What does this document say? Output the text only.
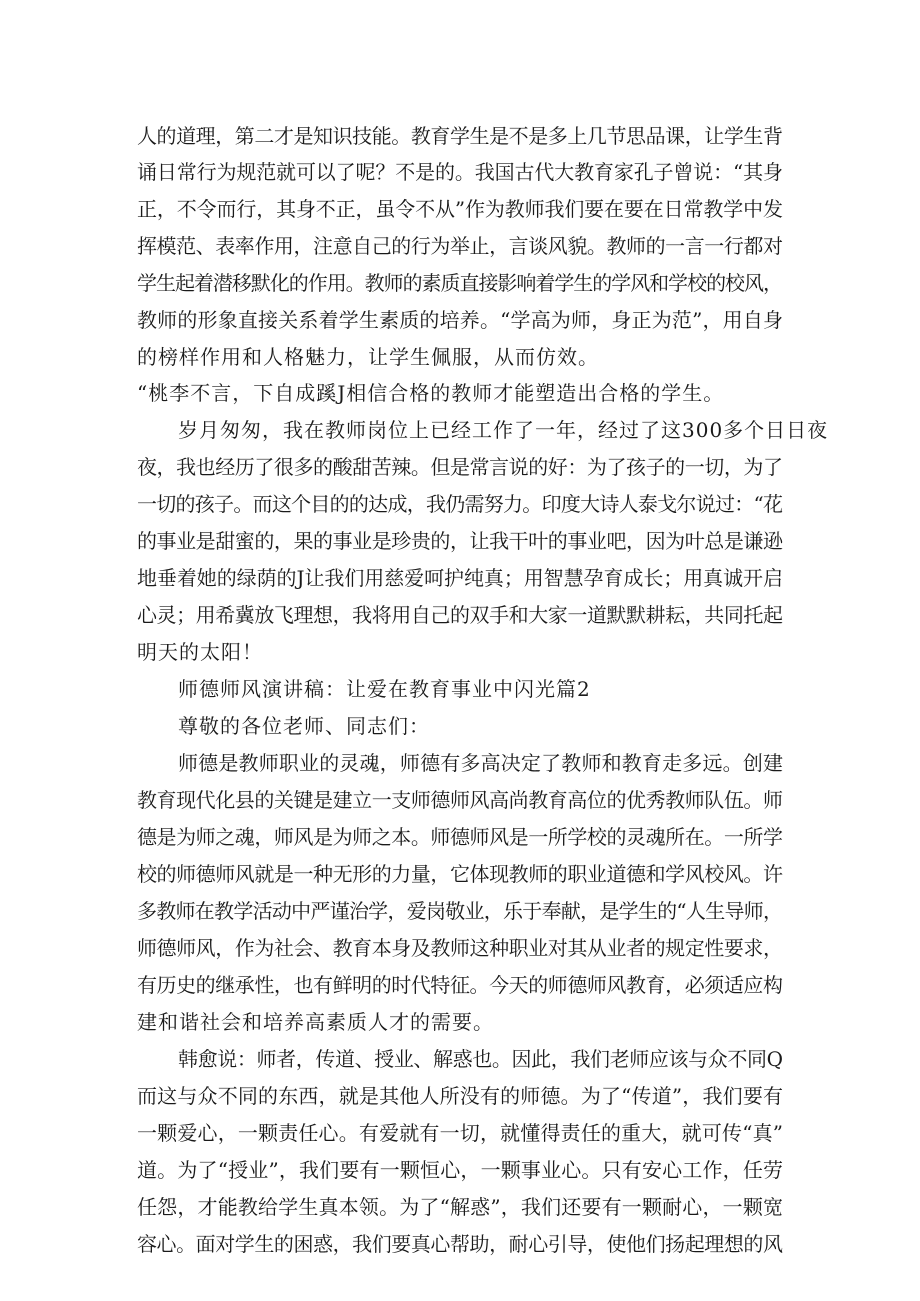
人的道理，第二才是知识技能。教育学生是不是多上几节思品课，让学生背
诵日常行为规范就可以了呢？不是的。我国古代大教育家孔子曾说：“其身
正，不令而行，其身不正，虽令不从”作为教师我们要在要在日常教学中发
挥模范、表率作用，注意自己的行为举止，言谈风貌。教师的一言一行都对
学生起着潜移默化的作用。教师的素质直接影响着学生的学风和学校的校风，
教师的形象直接关系着学生素质的培养。“学高为师，身正为范”，用自身
的榜样作用和人格魅力，让学生佩服，从而仿效。
“桃李不言，下自成蹊J相信合格的教师才能塑造出合格的学生。
岁月匆匆，我在教师岗位上已经工作了一年，经过了这300多个日日夜
夜，我也经历了很多的酸甜苦辣。但是常言说的好：为了孩子的一切，为了
一切的孩子。而这个目的的达成，我仍需努力。印度大诗人泰戈尔说过：“花
的事业是甜蜜的，果的事业是珍贵的，让我干叶的事业吧，因为叶总是谦逊
地垂着她的绿荫的J让我们用慈爱呵护纯真；用智慧孕育成长；用真诚开启
心灵；用希冀放飞理想，我将用自己的双手和大家一道默默耕耘，共同托起
明天的太阳！
师德师风演讲稿：让爱在教育事业中闪光篇2
尊敬的各位老师、同志们：
师德是教师职业的灵魂，师德有多高决定了教师和教育走多远。创建
教育现代化县的关键是建立一支师德师风高尚教育高位的优秀教师队伍。师
德是为师之魂，师风是为师之本。师德师风是一所学校的灵魂所在。一所学
校的师德师风就是一种无形的力量，它体现教师的职业道德和学风校风。许
多教师在教学活动中严谨治学，爱岗敬业，乐于奉献，是学生的“人生导师，
师德师风，作为社会、教育本身及教师这种职业对其从业者的规定性要求，
有历史的继承性，也有鲜明的时代特征。今天的师德师风教育，必须适应构
建和谐社会和培养高素质人才的需要。
韩愈说：师者，传道、授业、解惑也。因此，我们老师应该与众不同Q
而这与众不同的东西，就是其他人所没有的师德。为了“传道”，我们要有
一颗爱心，一颗责任心。有爱就有一切，就懂得责任的重大，就可传“真”
道。为了“授业”，我们要有一颗恒心，一颗事业心。只有安心工作，任劳
任怨，才能教给学生真本领。为了“解惑”，我们还要有一颗耐心，一颗宽
容心。面对学生的困惑，我们要真心帮助，耐心引导，使他们扬起理想的风
